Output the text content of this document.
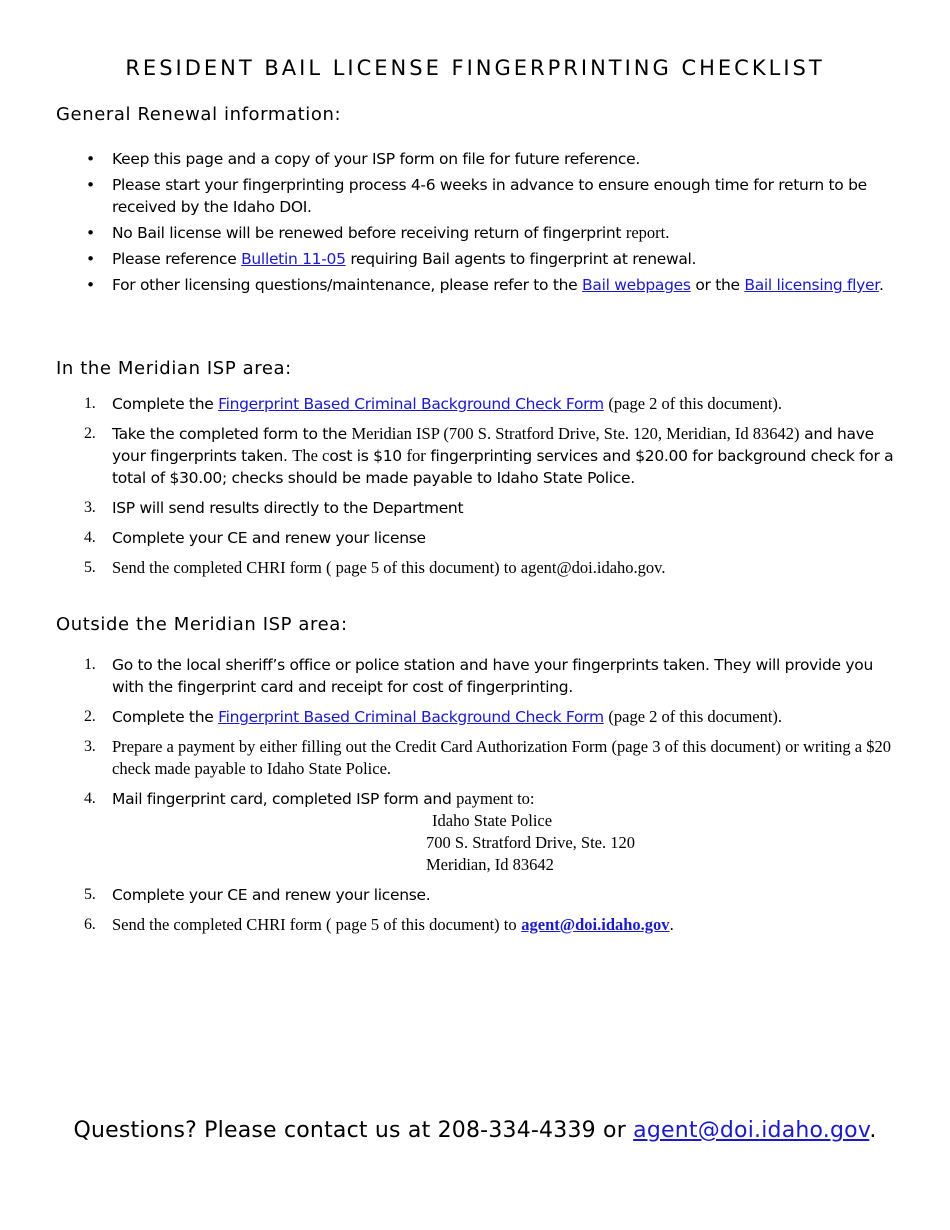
RESIDENT BAIL LICENSE FINGERPRINTING CHECKLIST
General Renewal information:
• Keep this page and a copy of your ISP form on file for future reference.
• Please start your fingerprinting process 4-6 weeks in advance to ensure enough time for return to be received by the Idaho DOI.
• No Bail license will be renewed before receiving return of fingerprint report.
• Please reference Bulletin 11-05 requiring Bail agents to fingerprint at renewal.
• For other licensing questions/maintenance, please refer to the Bail webpages or the Bail licensing flyer.
In the Meridian ISP area:
1. Complete the Fingerprint Based Criminal Background Check Form (page 2 of this document).
2. Take the completed form to the Meridian ISP (700 S. Stratford Drive, Ste. 120, Meridian, Id 83642) and have your fingerprints taken. The cost is $10 for fingerprinting services and $20.00 for background check for a total of $30.00; checks should be made payable to Idaho State Police.
3. ISP will send results directly to the Department
4. Complete your CE and renew your license
5. Send the completed CHRI form ( page 5 of this document) to agent@doi.idaho.gov.
Outside the Meridian ISP area:
1. Go to the local sheriff’s office or police station and have your fingerprints taken. They will provide you with the fingerprint card and receipt for cost of fingerprinting.
2. Complete the Fingerprint Based Criminal Background Check Form (page 2 of this document).
3. Prepare a payment by either filling out the Credit Card Authorization Form (page 3 of this document) or writing a $20 check made payable to Idaho State Police.
4. Mail fingerprint card, completed ISP form and payment to:
Idaho State Police
700 S. Stratford Drive, Ste. 120
Meridian, Id 83642
5. Complete your CE and renew your license.
6. Send the completed CHRI form ( page 5 of this document) to agent@doi.idaho.gov.
Questions? Please contact us at 208-334-4339 or agent@doi.idaho.gov.
